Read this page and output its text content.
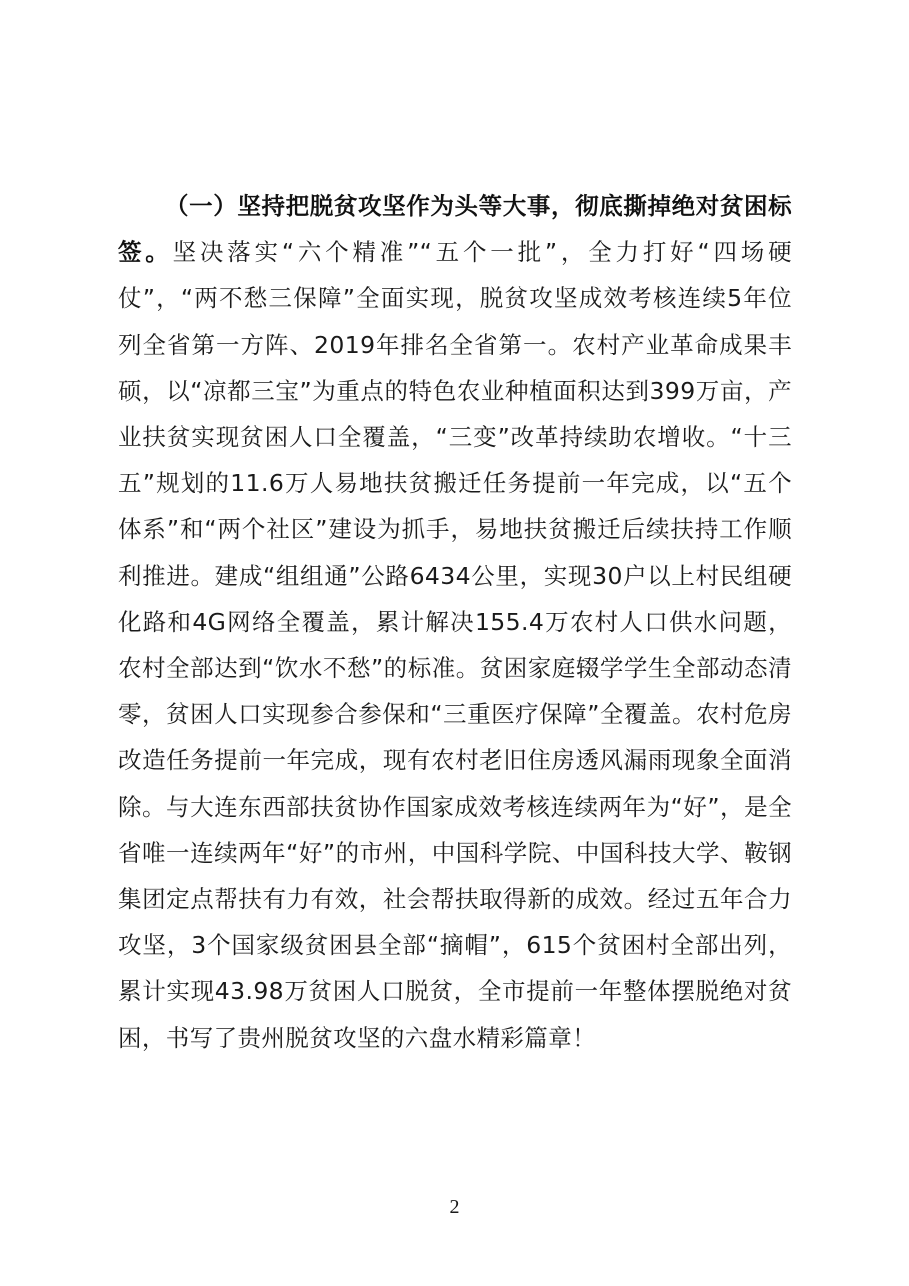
（一）坚持把脱贫攻坚作为头等大事，彻底撕掉绝对贫困标签。坚决落实“六个精准”“五个一批”，全力打好“四场硬仗”，“两不愁三保障”全面实现，脱贫攻坚成效考核连续5年位列全省第一方阵、2019年排名全省第一。农村产业革命成果丰硕，以“凉都三宝”为重点的特色农业种植面积达到399万亩，产业扶贫实现贫困人口全覆盖，“三变”改革持续助农增收。“十三五”规划的11.6万人易地扶贫搬迁任务提前一年完成，以“五个体系”和“两个社区”建设为抓手，易地扶贫搬迁后续扶持工作顺利推进。建成“组组通”公路6434公里，实现30户以上村民组硬化路和4G网络全覆盖，累计解决155.4万农村人口供水问题，农村全部达到“饮水不愁”的标准。贫困家庭辍学学生全部动态清零，贫困人口实现参合参保和“三重医疗保障”全覆盖。农村危房改造任务提前一年完成，现有农村老旧住房透风漏雨现象全面消除。与大连东西部扶贫协作国家成效考核连续两年为“好”，是全省唯一连续两年“好”的市州，中国科学院、中国科技大学、鞍钢集团定点帮扶有力有效，社会帮扶取得新的成效。经过五年合力攻坚，3个国家级贫困县全部“摘帽”，615个贫困村全部出列，累计实现43.98万贫困人口脱贫，全市提前一年整体摆脱绝对贫困，书写了贵州脱贫攻坚的六盘水精彩篇章！

2
